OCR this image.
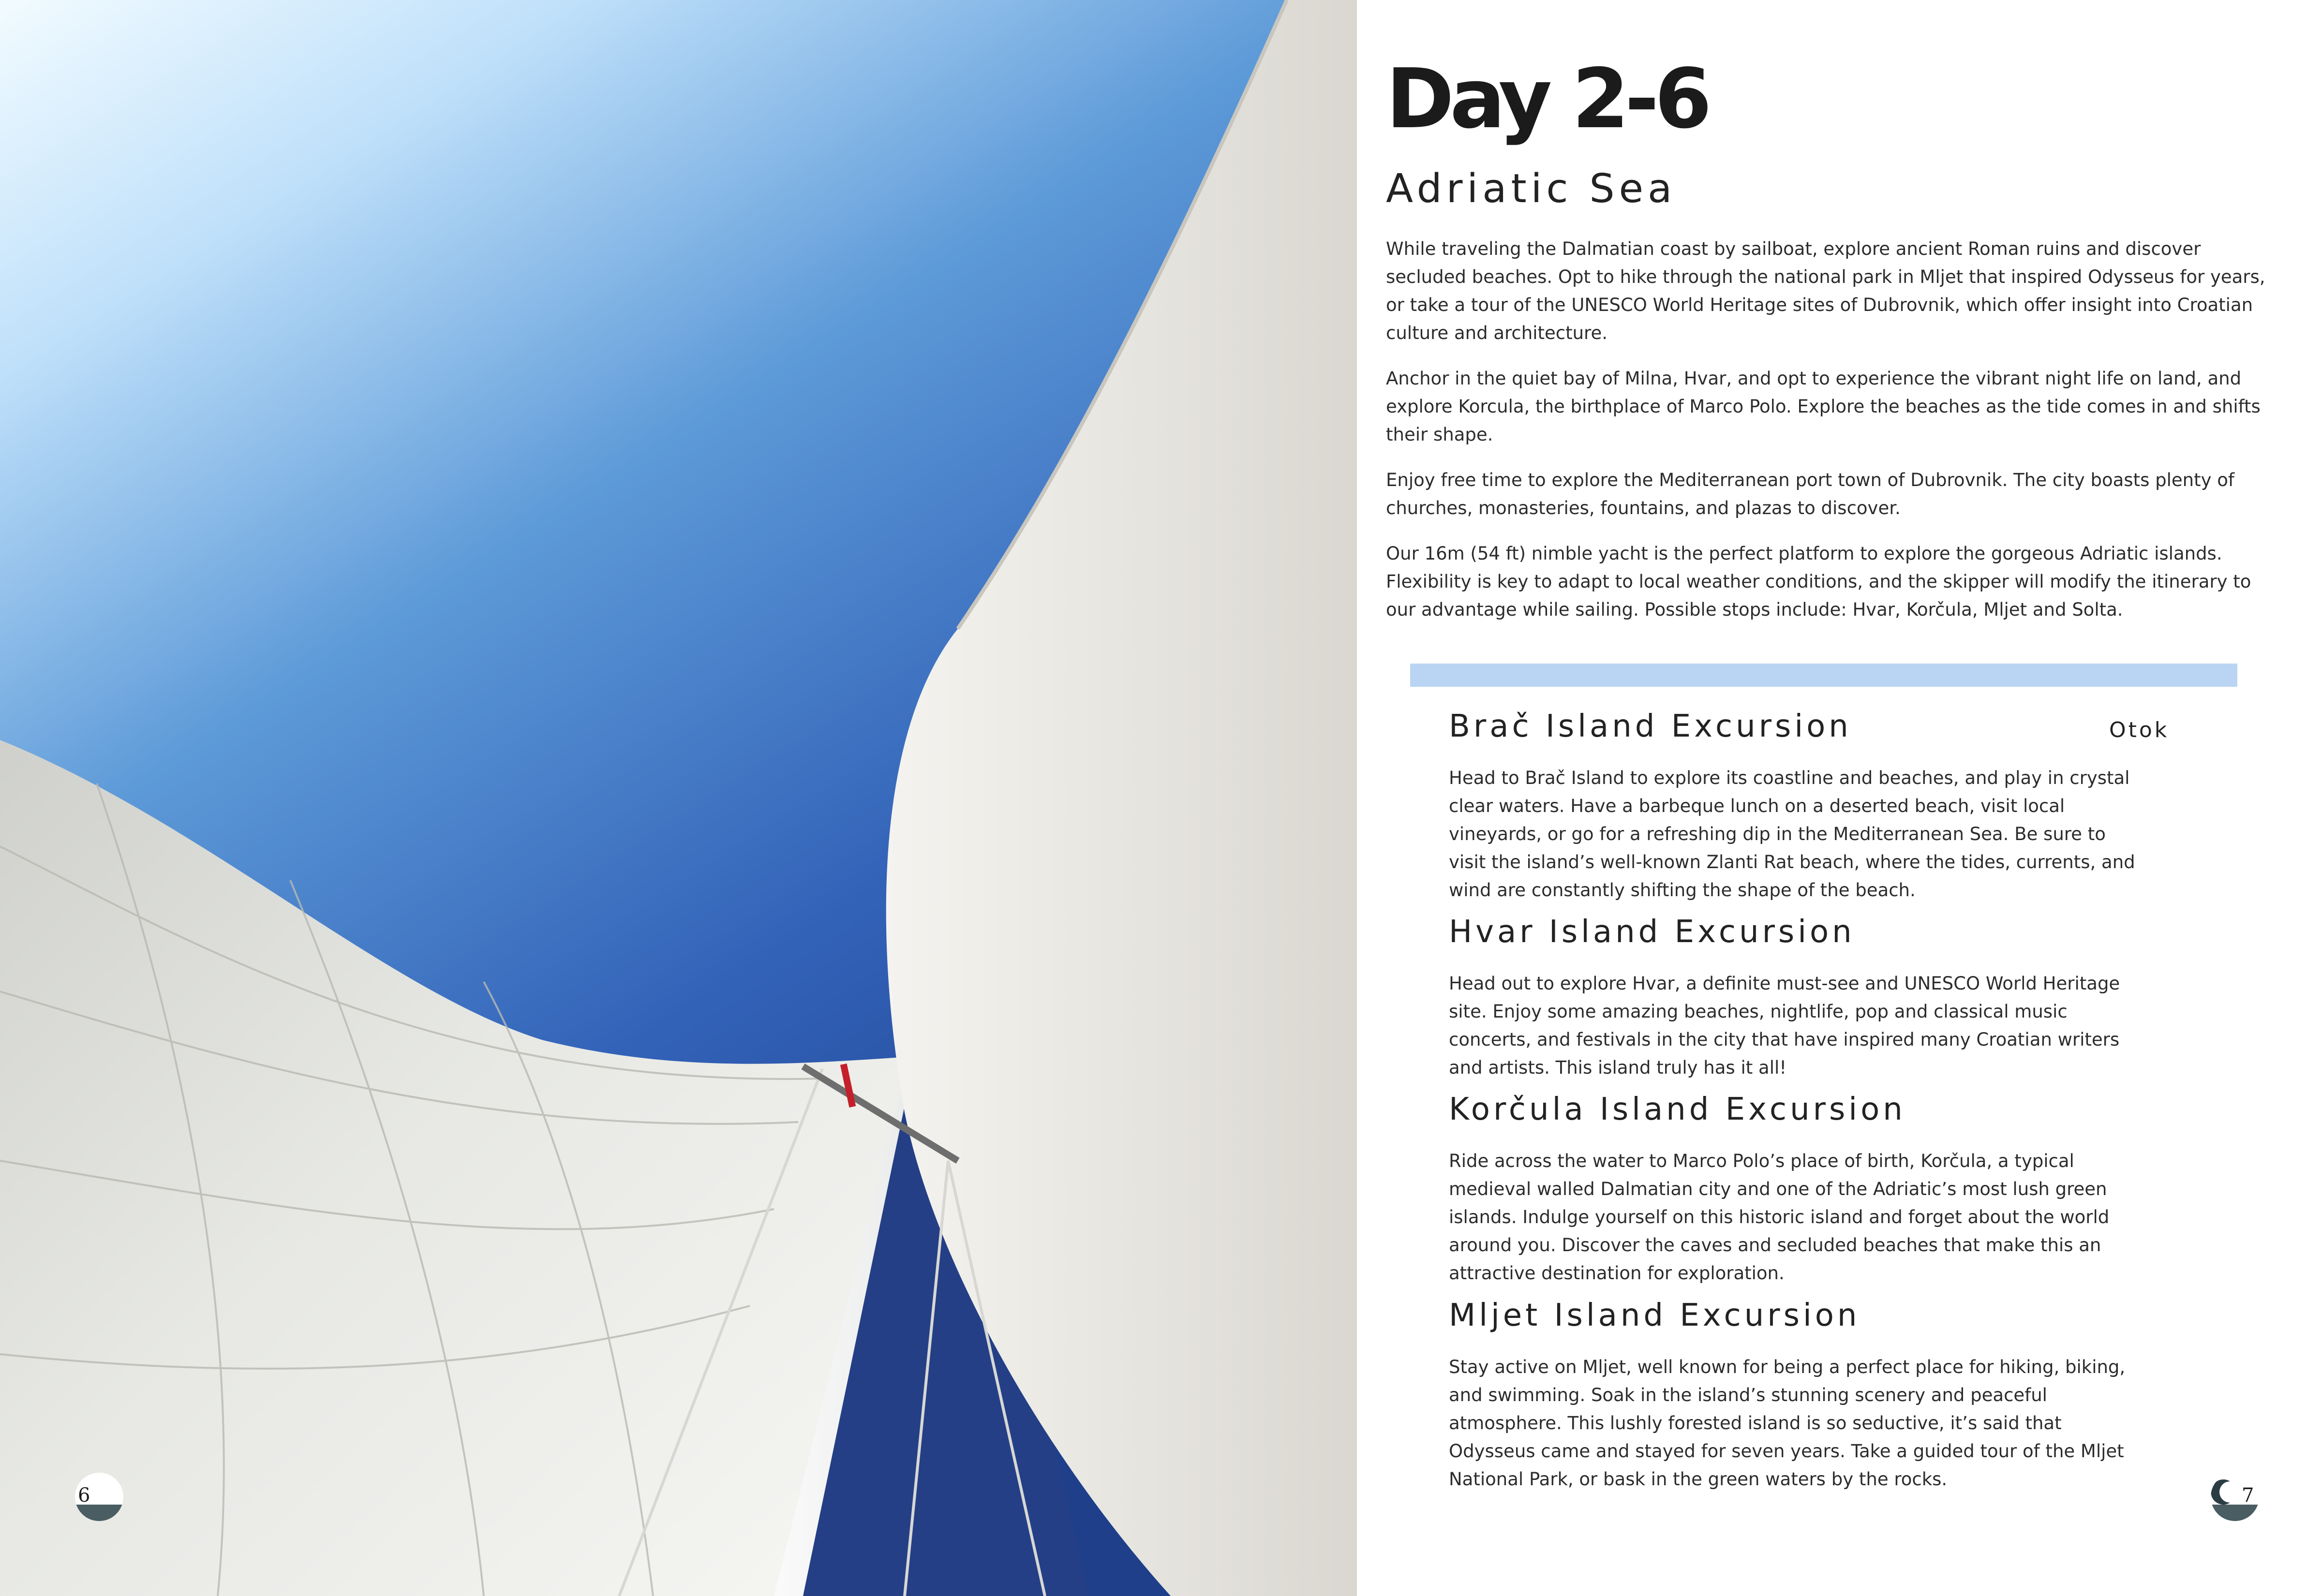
6
Day 2-6
Adriatic Sea

While traveling the Dalmatian coast by sailboat, explore ancient Roman ruins and discover secluded beaches. Opt to hike through the national park in Mljet that inspired Odysseus for years, or take a tour of the UNESCO World Heritage sites of Dubrovnik, which offer insight into Croatian culture and architecture.

Anchor in the quiet bay of Milna, Hvar, and opt to experience the vibrant night life on land, and explore Korcula, the birthplace of Marco Polo. Explore the beaches as the tide comes in and shifts their shape.

Enjoy free time to explore the Mediterranean port town of Dubrovnik. The city boasts plenty of churches, monasteries, fountains, and plazas to discover.

Our 16m (54 ft) nimble yacht is the perfect platform to explore the gorgeous Adriatic islands. Flexibility is key to adapt to local weather conditions, and the skipper will modify the itinerary to our advantage while sailing. Possible stops include: Hvar, Korčula, Mljet and Solta.

Otok
Brač Island Excursion

Head to Brač Island to explore its coastline and beaches, and play in crystal clear waters. Have a barbeque lunch on a deserted beach, visit local vineyards, or go for a refreshing dip in the Mediterranean Sea. Be sure to visit the island’s well-known Zlanti Rat beach, where the tides, currents, and wind are constantly shifting the shape of the beach.

Hvar Island Excursion

Head out to explore Hvar, a definite must-see and UNESCO World Heritage site. Enjoy some amazing beaches, nightlife, pop and classical music concerts, and festivals in the city that have inspired many Croatian writers and artists. This island truly has it all!

Korčula Island Excursion

Ride across the water to Marco Polo’s place of birth, Korčula, a typical medieval walled Dalmatian city and one of the Adriatic’s most lush green islands. Indulge yourself on this historic island and forget about the world around you. Discover the caves and secluded beaches that make this an attractive destination for exploration.

Mljet Island Excursion

Stay active on Mljet, well known for being a perfect place for hiking, biking, and swimming. Soak in the island’s stunning scenery and peaceful atmosphere. This lushly forested island is so seductive, it’s said that Odysseus came and stayed for seven years. Take a guided tour of the Mljet National Park, or bask in the green waters by the rocks.

7
